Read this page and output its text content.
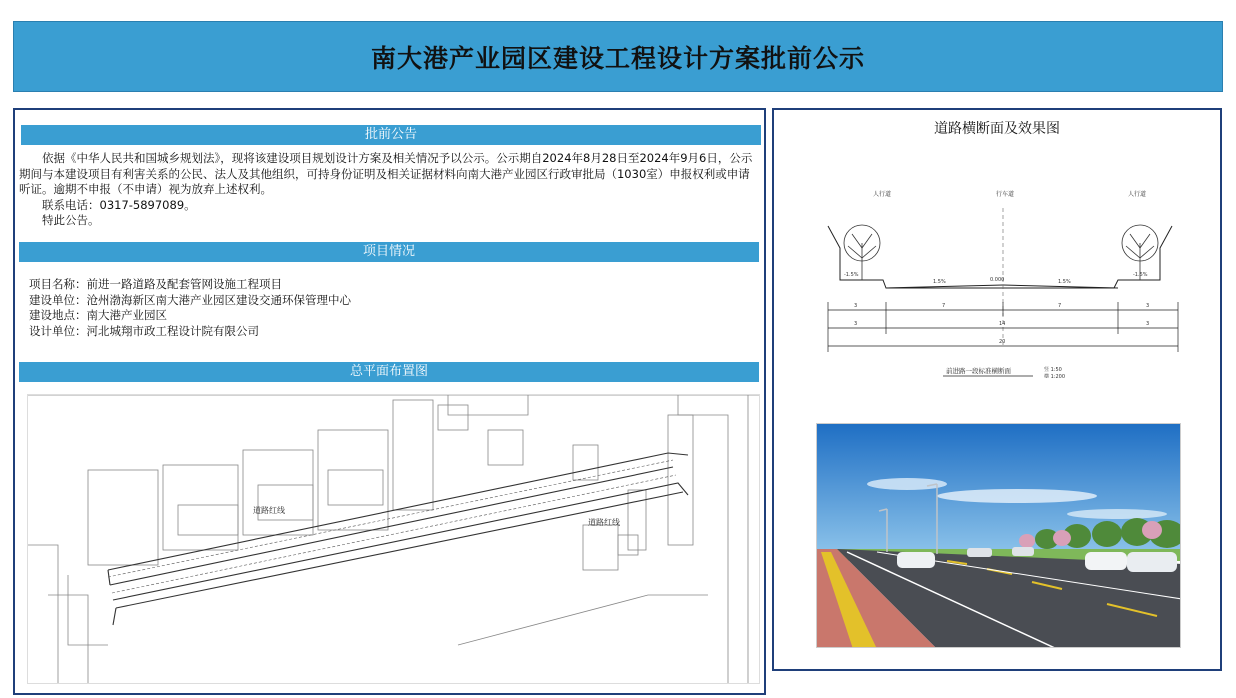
南大港产业园区建设工程设计方案批前公示
批前公告

依据《中华人民共和国城乡规划法》，现将该建设项目规划设计方案及相关情况予以公示。公示期自2024年8月28日至2024年9月6日，公示期间与本建设项目有利害关系的公民、法人及其他组织，可持身份证明及相关证据材料向南大港产业园区行政审批局（1030室）申报权利或申请听证。逾期不申报（不申请）视为放弃上述权利。

联系电话：0317-5897089。

特此公告。

项目情况
项目名称：前进一路道路及配套管网设施工程项目
建设单位：沧州渤海新区南大港产业园区建设交通环保管理中心
建设地点：南大港产业园区
设计单位：河北城翔市政工程设计院有限公司
总平面布置图
道路红线
道路红线
道路横断面及效果图
人行道	行车道	人行道
-1.5%
1.5%	0.000	1.5%
-1.5%
3	7	7	3
3	14	3
20
前进路一段标准横断面	竖 1:50
横 1:200
